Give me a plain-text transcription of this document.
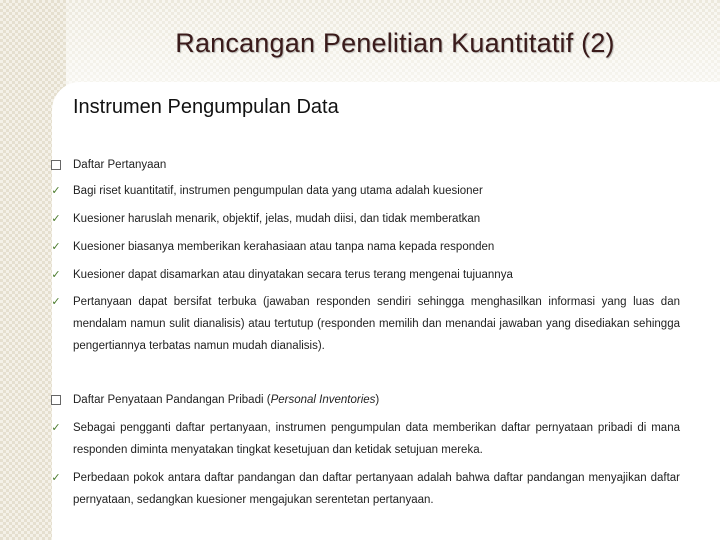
Rancangan Penelitian Kuantitatif (2)
Instrumen Pengumpulan Data
Daftar Pertanyaan
✓ Bagi riset kuantitatif, instrumen pengumpulan data yang utama adalah kuesioner
✓ Kuesioner haruslah menarik, objektif, jelas, mudah diisi, dan tidak memberatkan
✓ Kuesioner biasanya memberikan kerahasiaan atau tanpa nama kepada responden
✓ Kuesioner dapat disamarkan atau dinyatakan secara terus terang mengenai tujuannya
✓ Pertanyaan dapat bersifat terbuka (jawaban responden sendiri sehingga menghasilkan informasi yang luas dan mendalam namun sulit dianalisis) atau tertutup (responden memilih dan menandai jawaban yang disediakan sehingga pengertiannya terbatas namun mudah dianalisis).
Daftar Penyataan Pandangan Pribadi (Personal Inventories)
✓ Sebagai pengganti daftar pertanyaan, instrumen pengumpulan data memberikan daftar pernyataan pribadi di mana responden diminta menyatakan tingkat kesetujuan dan ketidak setujuan mereka.
✓ Perbedaan pokok antara daftar pandangan dan daftar pertanyaan adalah bahwa daftar pandangan menyajikan daftar pernyataan, sedangkan kuesioner mengajukan serentetan pertanyaan.
